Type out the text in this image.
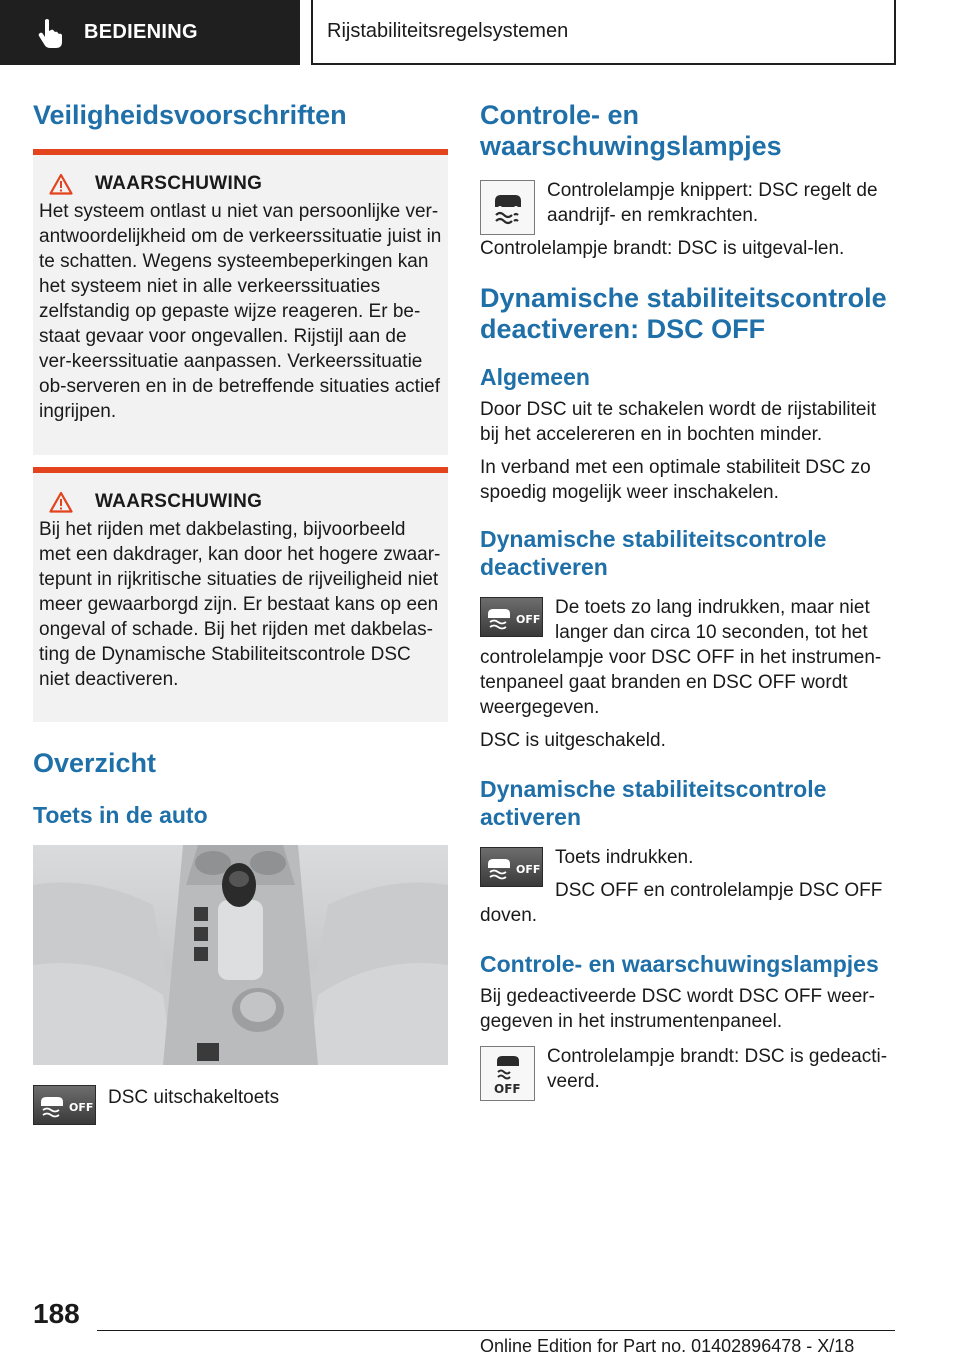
BEDIENING	Rijstabiliteitsregelsystemen
Veiligheidsvoorschriften
WAARSCHUWING
Het systeem ontlast u niet van persoonlijke ver-antwoordelijkheid om de verkeerssituatie juist in te schatten. Wegens systeembeperkingen kan het systeem niet in alle verkeerssituaties zelfstandig op gepaste wijze reageren. Er be-staat gevaar voor ongevallen. Rijstijl aan de ver-keerssituatie aanpassen. Verkeerssituatie ob-serveren en in de betreffende situaties actief ingrijpen.
WAARSCHUWING
Bij het rijden met dakbelasting, bijvoorbeeld met een dakdrager, kan door het hogere zwaar-tepunt in rijkritische situaties de rijveiligheid niet meer gewaarborgd zijn. Er bestaat kans op een ongeval of schade. Bij het rijden met dakbelas-ting de Dynamische Stabiliteitscontrole DSC niet deactiveren.
Overzicht
Toets in de auto
OFF DSC uitschakeltoets
Controle- en waarschuwingslampjes
Controlelampje knippert: DSC regelt de aandrijf- en remkrachten.
Controlelampje brandt: DSC is uitgeval-len.
Dynamische stabiliteitscontrole deactiveren: DSC OFF
Algemeen
Door DSC uit te schakelen wordt de rijstabiliteit bij het accelereren en in bochten minder.
In verband met een optimale stabiliteit DSC zo spoedig mogelijk weer inschakelen.
Dynamische stabiliteitscontrole deactiveren
OFF
De toets zo lang indrukken, maar niet langer dan circa 10 seconden, tot het controlelampje voor DSC OFF in het instrumen-tenpaneel gaat branden en DSC OFF wordt weergegeven.
DSC is uitgeschakeld.
Dynamische stabiliteitscontrole activeren
OFF
Toets indrukken.
DSC OFF en controlelampje DSC OFF doven.
Controle- en waarschuwingslampjes
Bij gedeactiveerde DSC wordt DSC OFF weer-gegeven in het instrumentenpaneel.
OFF
Controlelampje brandt: DSC is gedeacti-veerd.
188
Online Edition for Part no. 01402896478 - X/18
